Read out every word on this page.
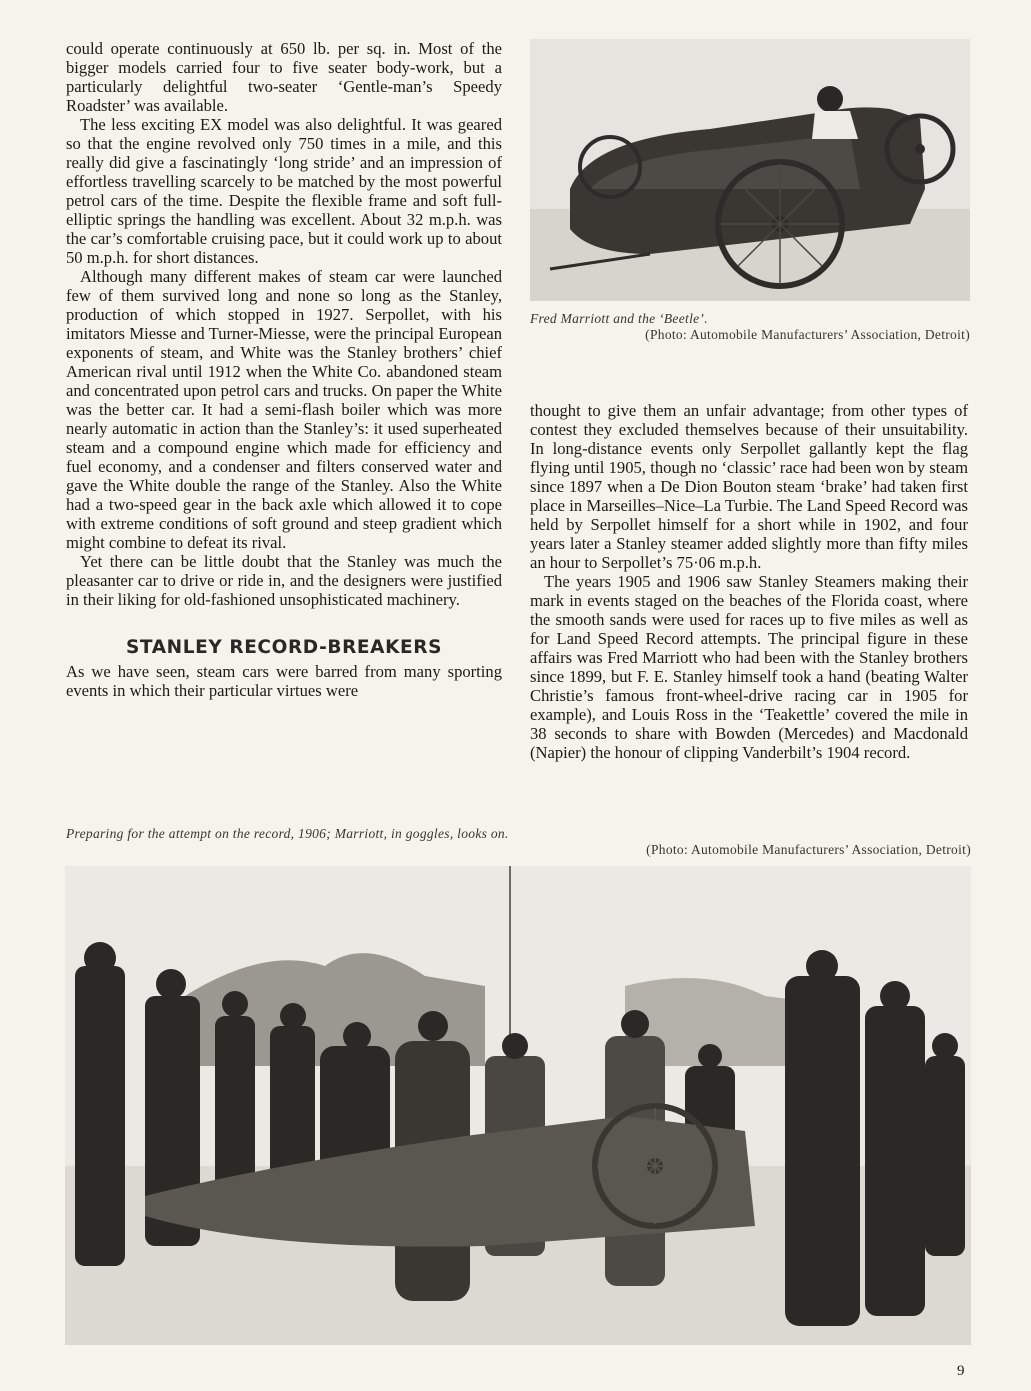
could operate continuously at 650 lb. per sq. in. Most of the bigger models carried four to five seater body-work, but a particularly delightful two-seater ‘Gentle-man’s Speedy Roadster’ was available.

The less exciting EX model was also delightful. It was geared so that the engine revolved only 750 times in a mile, and this really did give a fascinatingly ‘long stride’ and an impression of effortless travelling scarcely to be matched by the most powerful petrol cars of the time. Despite the flexible frame and soft full-elliptic springs the handling was excellent. About 32 m.p.h. was the car’s comfortable cruising pace, but it could work up to about 50 m.p.h. for short distances.

Although many different makes of steam car were launched few of them survived long and none so long as the Stanley, production of which stopped in 1927. Serpollet, with his imitators Miesse and Turner-Miesse, were the principal European exponents of steam, and White was the Stanley brothers’ chief American rival until 1912 when the White Co. abandoned steam and concentrated upon petrol cars and trucks. On paper the White was the better car. It had a semi-flash boiler which was more nearly automatic in action than the Stanley’s: it used superheated steam and a compound engine which made for efficiency and fuel economy, and a condenser and filters conserved water and gave the White double the range of the Stanley. Also the White had a two-speed gear in the back axle which allowed it to cope with extreme conditions of soft ground and steep gradient which might combine to defeat its rival.

Yet there can be little doubt that the Stanley was much the pleasanter car to drive or ride in, and the designers were justified in their liking for old-fashioned unsophisticated machinery.

STANLEY RECORD-BREAKERS

As we have seen, steam cars were barred from many sporting events in which their particular virtues were

Fred Marriott and the ‘Beetle’.
(Photo: Automobile Manufacturers’ Association, Detroit)

thought to give them an unfair advantage; from other types of contest they excluded themselves because of their unsuitability. In long-distance events only Serpollet gallantly kept the flag flying until 1905, though no ‘classic’ race had been won by steam since 1897 when a De Dion Bouton steam ‘brake’ had taken first place in Marseilles–Nice–La Turbie. The Land Speed Record was held by Serpollet himself for a short while in 1902, and four years later a Stanley steamer added slightly more than fifty miles an hour to Serpollet’s 75·06 m.p.h.

The years 1905 and 1906 saw Stanley Steamers making their mark in events staged on the beaches of the Florida coast, where the smooth sands were used for races up to five miles as well as for Land Speed Record attempts. The principal figure in these affairs was Fred Marriott who had been with the Stanley brothers since 1899, but F. E. Stanley himself took a hand (beating Walter Christie’s famous front-wheel-drive racing car in 1905 for example), and Louis Ross in the ‘Teakettle’ covered the mile in 38 seconds to share with Bowden (Mercedes) and Macdonald (Napier) the honour of clipping Vanderbilt’s 1904 record.

Preparing for the attempt on the record, 1906; Marriott, in goggles, looks on.
(Photo: Automobile Manufacturers’ Association, Detroit)
9
